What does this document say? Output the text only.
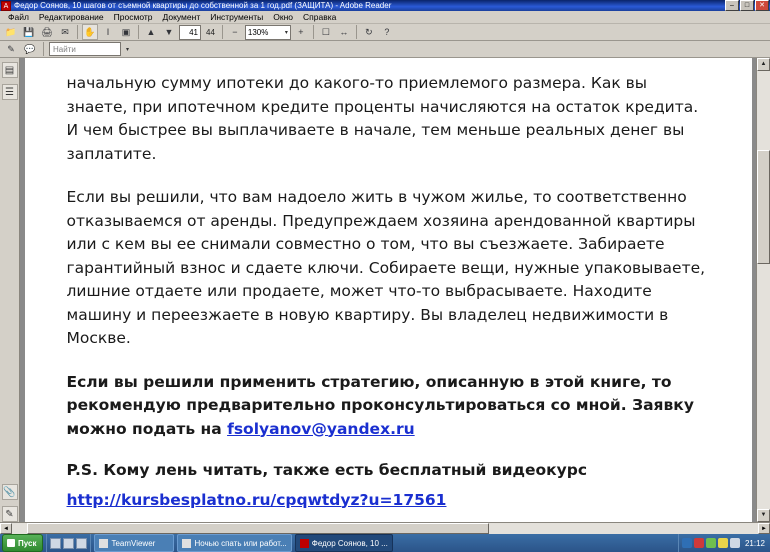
A Федор Соянов, 10 шагов от съемной квартиры до собственной за 1 год.pdf (ЗАЩИТА) - Adobe Reader	–	□	✕
Файл	Редактирование	Просмотр	Документ	Инструменты	Окно	Справка
📁 💾 🖨 ✉	✋	I	▣	▲	▼	41	44	−	130%	▾	+	☐	↔	↻	?
✎	💬	Найти	▾
▤
☰
📎
✎

начальную сумму ипотеки до какого-то приемлемого размера. Как вы знаете, при ипотечном кредите проценты начисляются на остаток кредита. И чем быстрее вы выплачиваете в начале, тем меньше реальных денег вы заплатите.

Если вы решили, что вам надоело жить в чужом жилье, то соответственно отказываемся от аренды. Предупреждаем хозяина арендованной квартиры или с кем вы ее снимали совместно о том, что вы съезжаете. Забираете гарантийный взнос и сдаете ключи. Собираете вещи, нужные упаковываете, лишние отдаете или продаете, может что-то выбрасываете. Находите машину и переезжаете в новую квартиру. Вы владелец недвижимости в Москве.

Если вы решили применить стратегию, описанную в этой книге, то рекомендую предварительно проконсультироваться со мной. Заявку можно подать на fsolyanov@yandex.ru

P.S. Кому лень читать, также есть бесплатный видеокурс

http://kursbesplatno.ru/cpqwtdyz?u=17561

▲
▼
◄	►
Пуск	TeamViewer	Ночью спать или работ...	Федор Соянов, 10 ...	21:12
